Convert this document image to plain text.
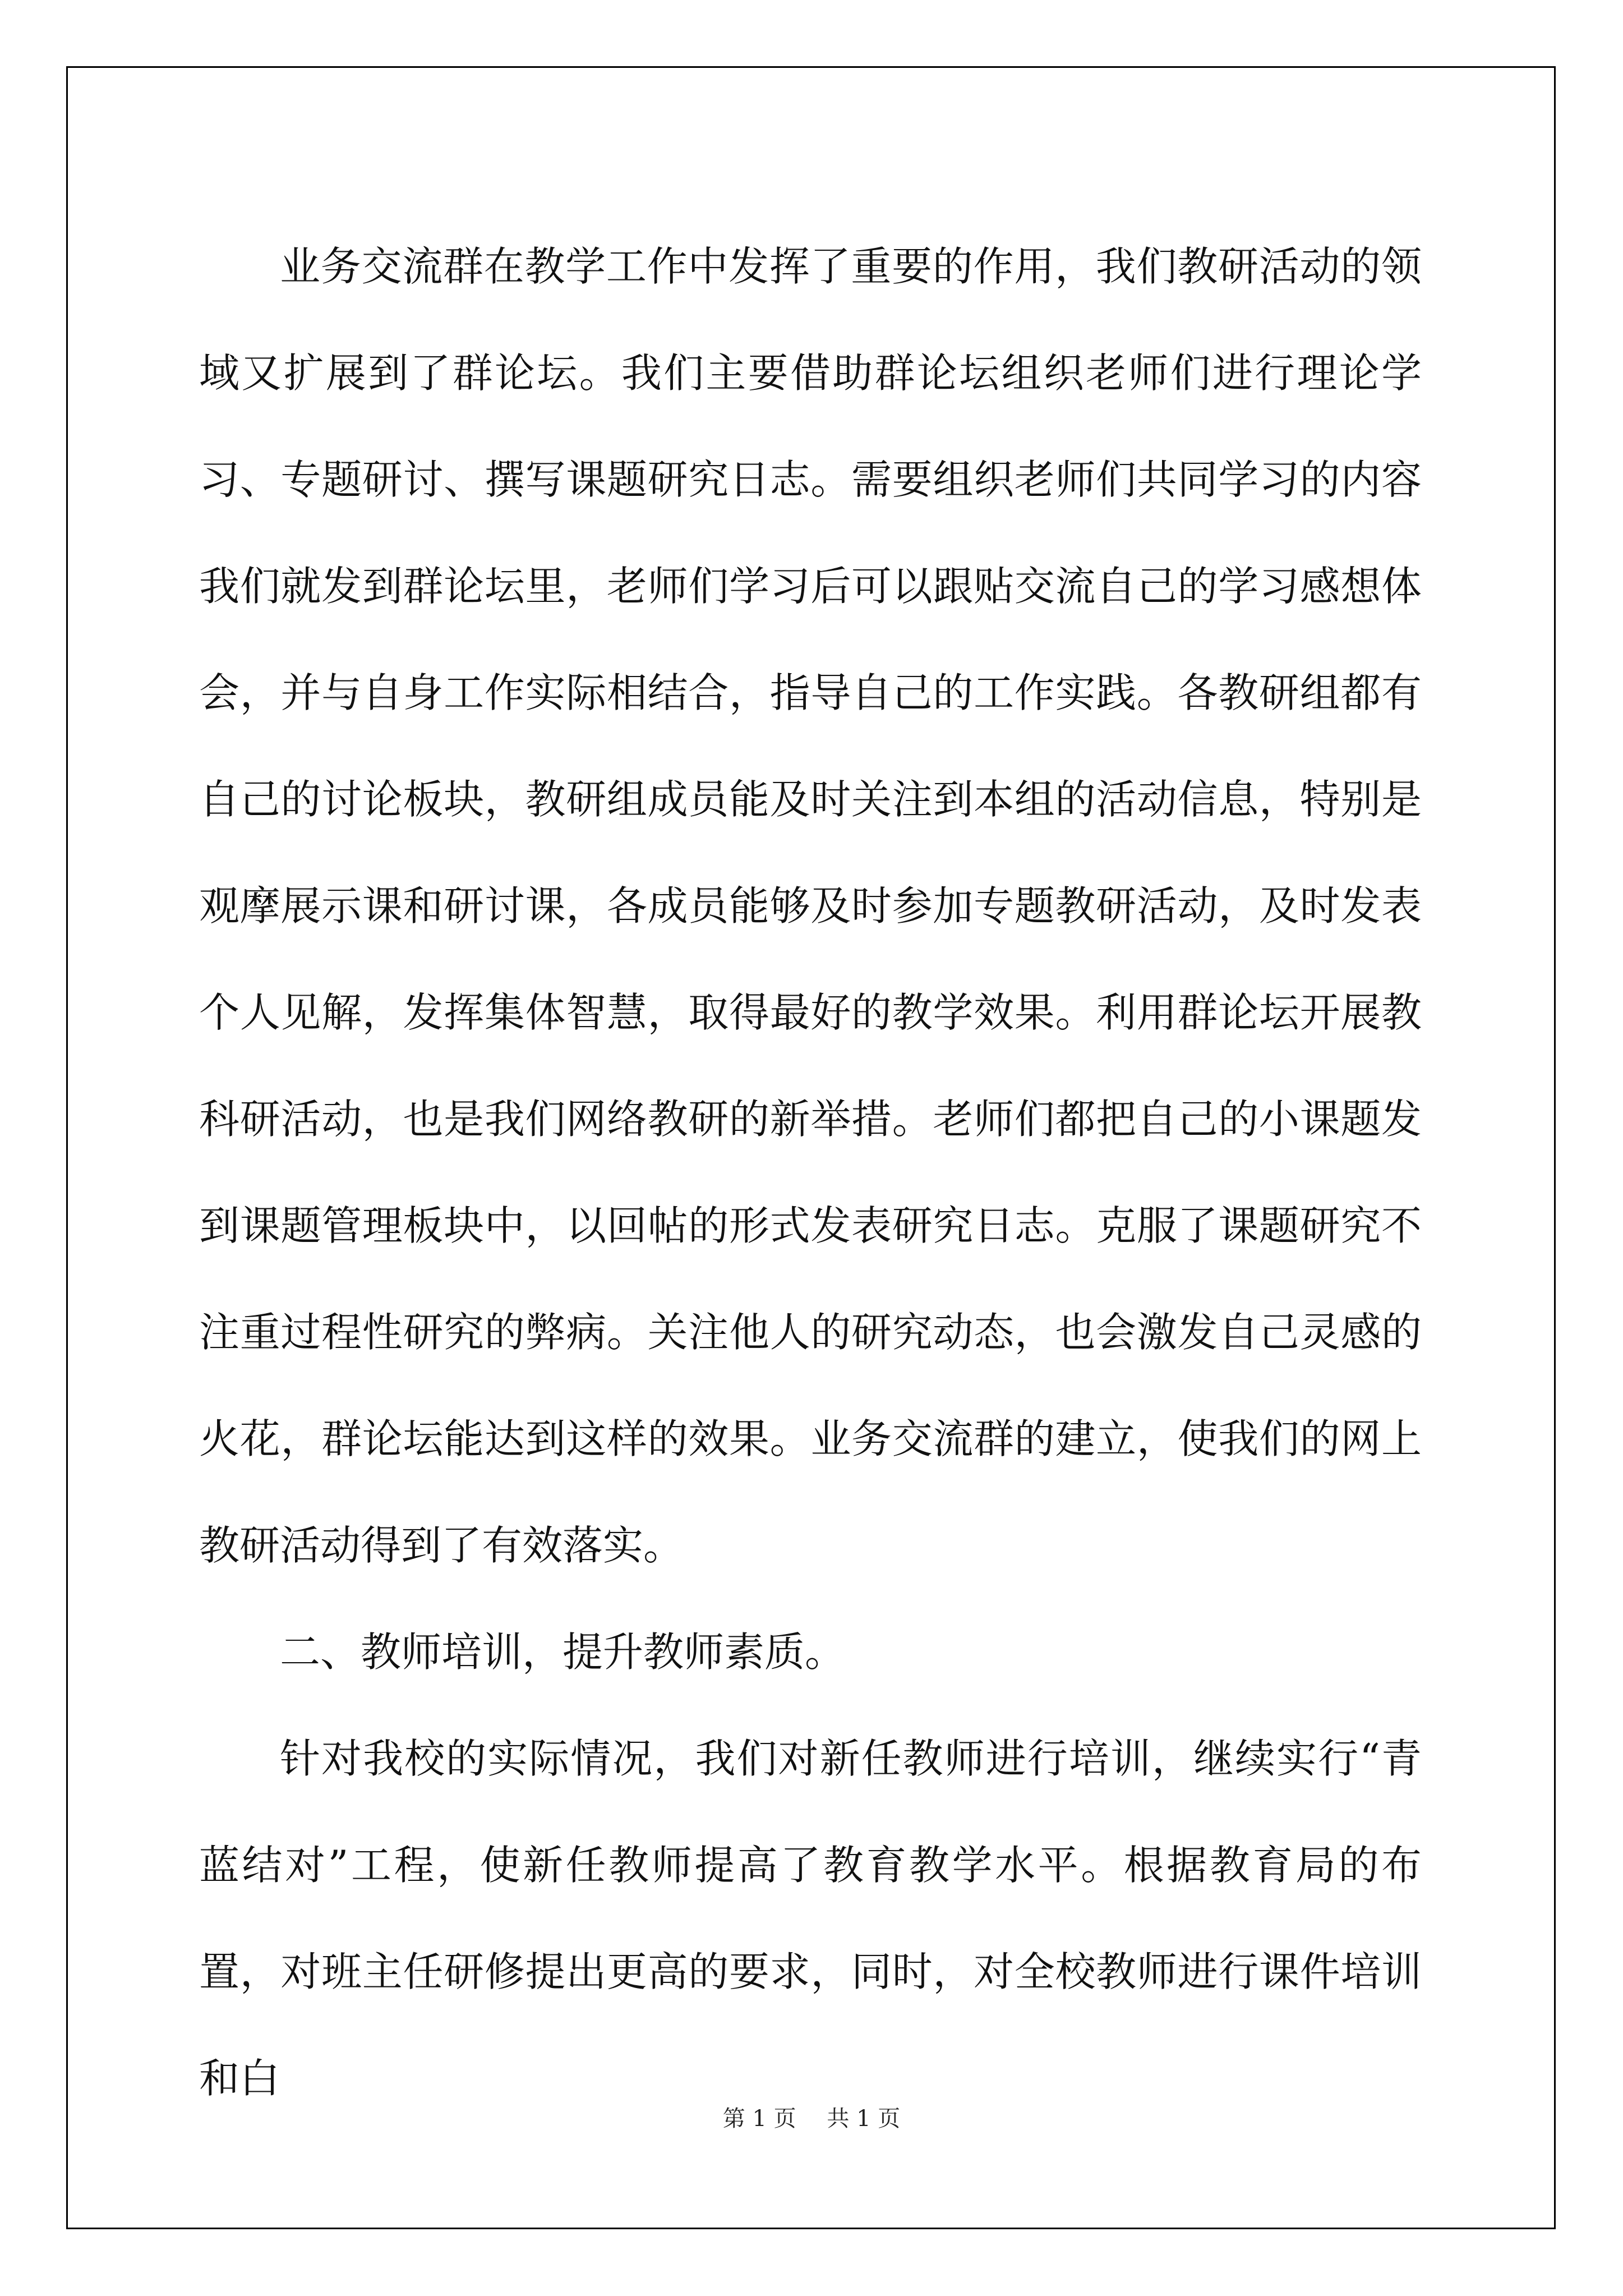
业务交流群在教学工作中发挥了重要的作用，我们教研活动的领域又扩展到了群论坛。我们主要借助群论坛组织老师们进行理论学习、专题研讨、撰写课题研究日志。需要组织老师们共同学习的内容我们就发到群论坛里，老师们学习后可以跟贴交流自己的学习感想体会，并与自身工作实际相结合，指导自己的工作实践。各教研组都有自己的讨论板块，教研组成员能及时关注到本组的活动信息，特别是观摩展示课和研讨课，各成员能够及时参加专题教研活动，及时发表个人见解，发挥集体智慧，取得最好的教学效果。利用群论坛开展教科研活动，也是我们网络教研的新举措。老师们都把自己的小课题发到课题管理板块中，以回帖的形式发表研究日志。克服了课题研究不注重过程性研究的弊病。关注他人的研究动态，也会激发自己灵感的火花，群论坛能达到这样的效果。业务交流群的建立，使我们的网上教研活动得到了有效落实。

二、教师培训，提升教师素质。

针对我校的实际情况，我们对新任教师进行培训，继续实行“青蓝结对”工程，使新任教师提高了教育教学水平。根据教育局的布置，对班主任研修提出更高的要求，同时，对全校教师进行课件培训和白

第 1 页 共 1 页
